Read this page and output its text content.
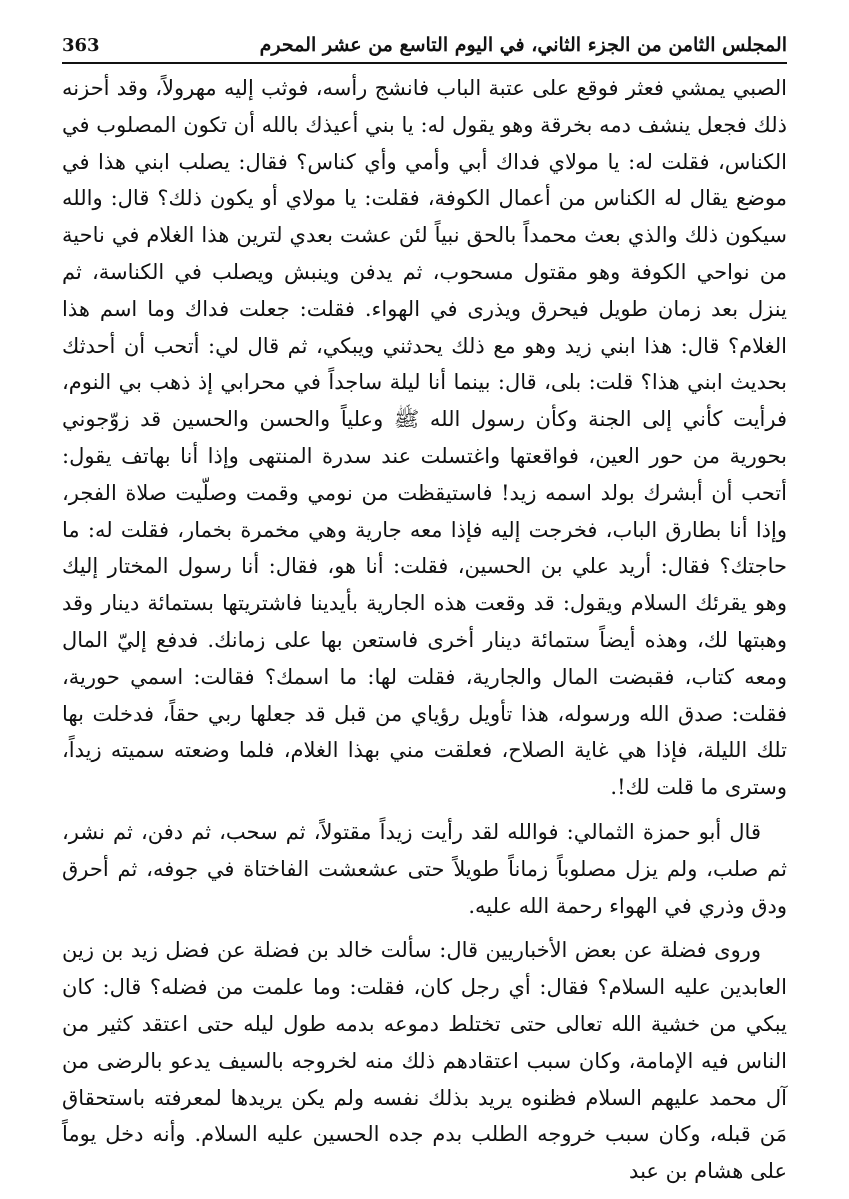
المجلس الثامن من الجزء الثاني، في اليوم التاسع من عشر المحرم
363

الصبي يمشي فعثر فوقع على عتبة الباب فانشج رأسه، فوثب إليه مهرولاً، وقد أحزنه ذلك فجعل ينشف دمه بخرقة وهو يقول له: يا بني أعيذك بالله أن تكون المصلوب في الكناس، فقلت له: يا مولاي فداك أبي وأمي وأي كناس؟ فقال: يصلب ابني هذا في موضع يقال له الكناس من أعمال الكوفة، فقلت: يا مولاي أو يكون ذلك؟ قال: والله سيكون ذلك والذي بعث محمداً بالحق نبياً لئن عشت بعدي لترين هذا الغلام في ناحية من نواحي الكوفة وهو مقتول مسحوب، ثم يدفن وينبش ويصلب في الكناسة، ثم ينزل بعد زمان طويل فيحرق ويذرى في الهواء. فقلت: جعلت فداك وما اسم هذا الغلام؟ قال: هذا ابني زيد وهو مع ذلك يحدثني ويبكي، ثم قال لي: أتحب أن أحدثك بحديث ابني هذا؟ قلت: بلى، قال: بينما أنا ليلة ساجداً في محرابي إذ ذهب بي النوم، فرأيت كأني إلى الجنة وكأن رسول الله ﷺ وعلياً والحسن والحسين قد زوّجوني بحورية من حور العين، فواقعتها واغتسلت عند سدرة المنتهى وإذا أنا بهاتف يقول: أتحب أن أبشرك بولد اسمه زيد! فاستيقظت من نومي وقمت وصلّيت صلاة الفجر، وإذا أنا بطارق الباب، فخرجت إليه فإذا معه جارية وهي مخمرة بخمار، فقلت له: ما حاجتك؟ فقال: أريد علي بن الحسين، فقلت: أنا هو، فقال: أنا رسول المختار إليك وهو يقرئك السلام ويقول: قد وقعت هذه الجارية بأيدينا فاشتريتها بستمائة دينار وقد وهبتها لك، وهذه أيضاً ستمائة دينار أخرى فاستعن بها على زمانك. فدفع إليّ المال ومعه كتاب، فقبضت المال والجارية، فقلت لها: ما اسمك؟ فقالت: اسمي حورية، فقلت: صدق الله ورسوله، هذا تأويل رؤياي من قبل قد جعلها ربي حقاً، فدخلت بها تلك الليلة، فإذا هي غاية الصلاح، فعلقت مني بهذا الغلام، فلما وضعته سميته زيداً، وسترى ما قلت لك!.

قال أبو حمزة الثمالي: فوالله لقد رأيت زيداً مقتولاً، ثم سحب، ثم دفن، ثم نشر، ثم صلب، ولم يزل مصلوباً زماناً طويلاً حتى عشعشت الفاختاة في جوفه، ثم أحرق ودق وذري في الهواء رحمة الله عليه.

وروى فضلة عن بعض الأخباريين قال: سألت خالد بن فضلة عن فضل زيد بن زين العابدين عليه السلام؟ فقال: أي رجل كان، فقلت: وما علمت من فضله؟ قال: كان يبكي من خشية الله تعالى حتى تختلط دموعه بدمه طول ليله حتى اعتقد كثير من الناس فيه الإمامة، وكان سبب اعتقادهم ذلك منه لخروجه بالسيف يدعو بالرضى من آل محمد عليهم السلام فظنوه يريد بذلك نفسه ولم يكن يريدها لمعرفته باستحقاق مَن قبله، وكان سبب خروجه الطلب بدم جده الحسين عليه السلام. وأنه دخل يوماً على هشام بن عبد
